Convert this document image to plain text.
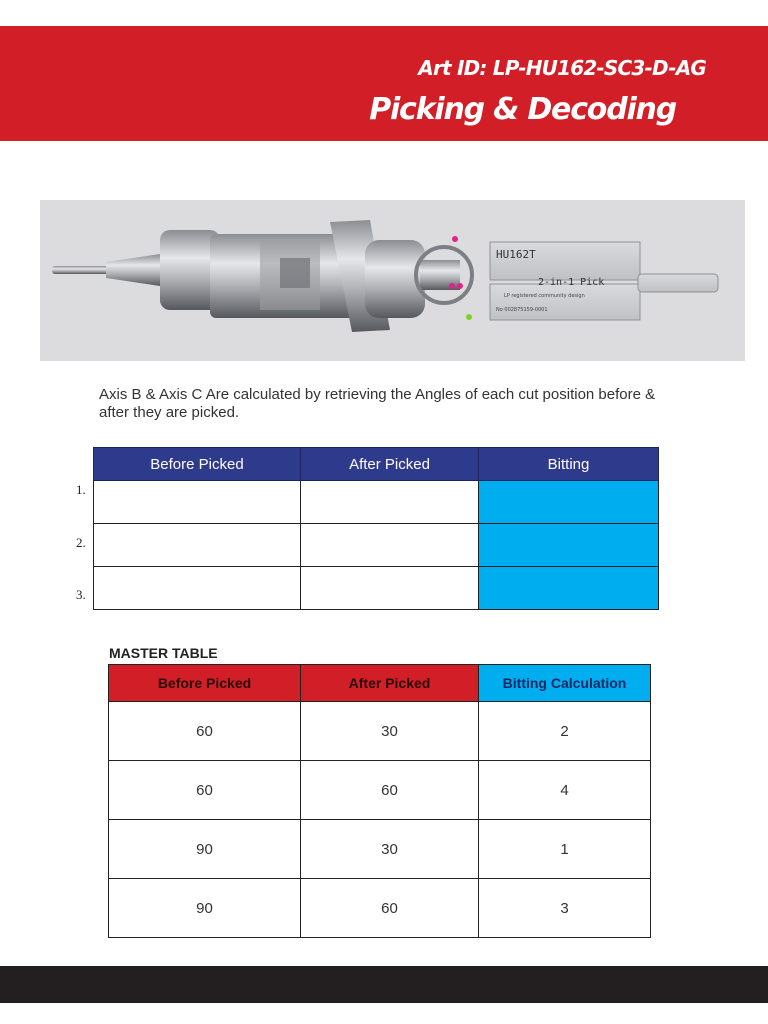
Art ID: LP-HU162-SC3-D-AG
Picking & Decoding
HU162T
2-in-1 Pick
LP registered community design
No 002875159-0001

Axis B & Axis C Are calculated by retrieving the Angles of each cut position before & after they are picked.

1.
2.
3.
Before Picked	After Picked	Bitting

MASTER TABLE
Before Picked	After Picked	Bitting Calculation
60	30	2
60	60	4
90	30	1
90	60	3
